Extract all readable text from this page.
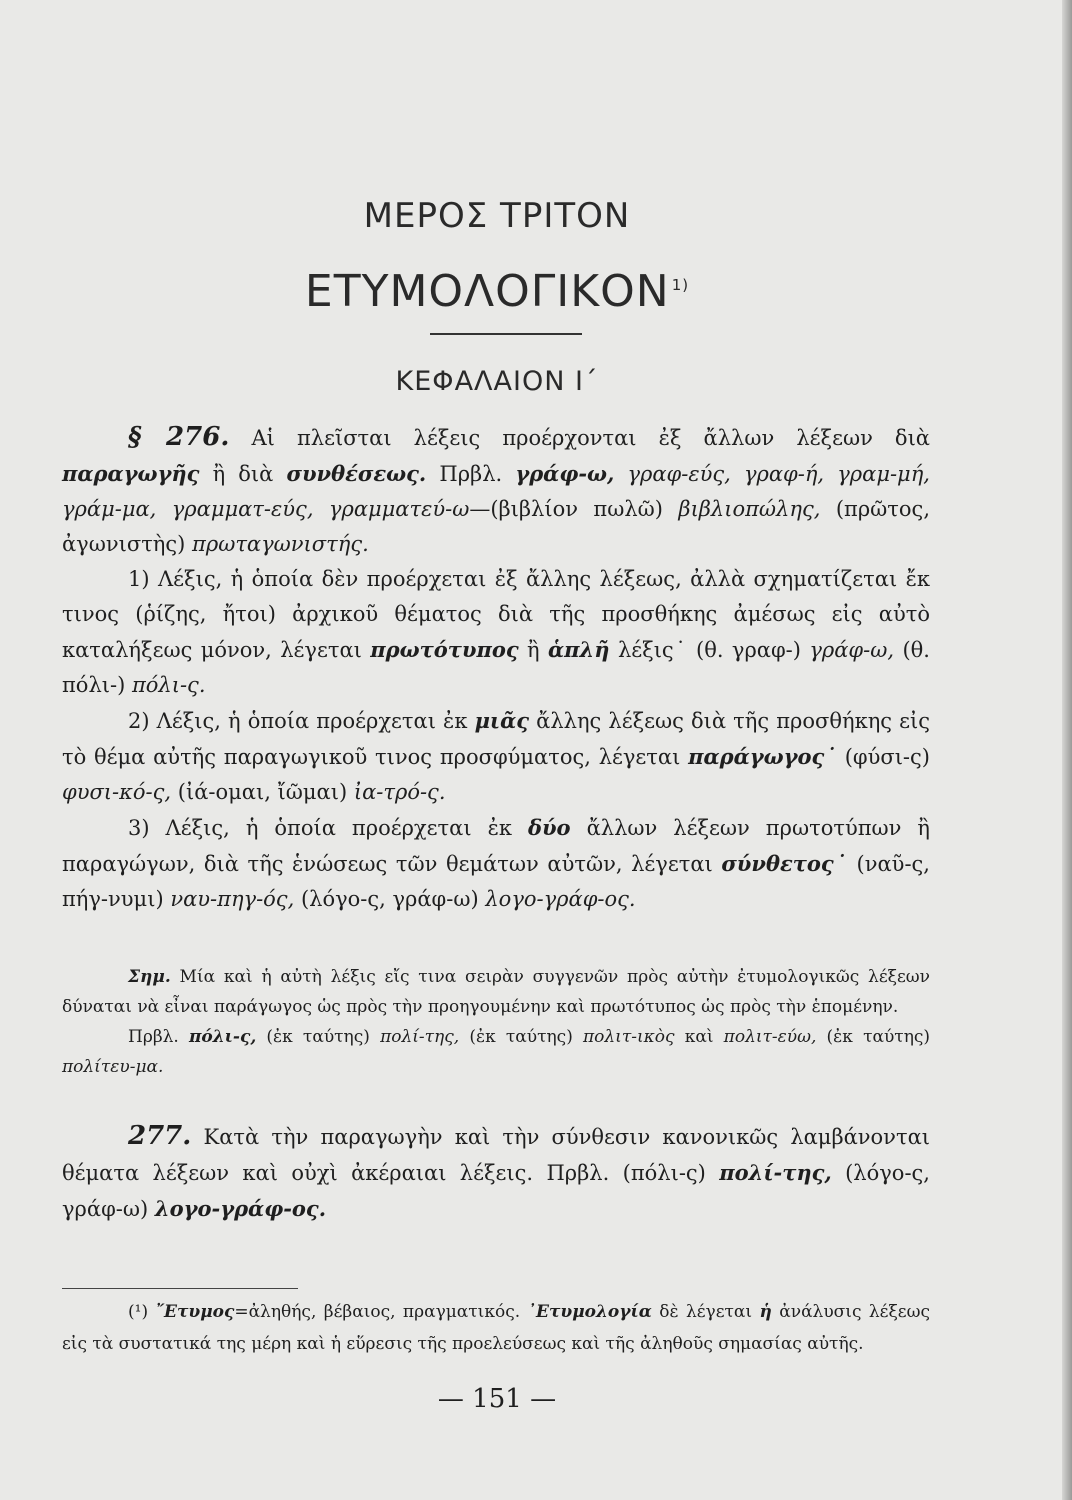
ΜΕΡΟΣ ΤΡΙΤΟΝ
ΕΤΥΜΟΛΟΓΙΚΟΝ $^{1)}$
ΚΕΦΑΛΑΙΟΝ Ι΄

§ 276. Αἱ πλεῖσται λέξεις προέρχονται ἐξ ἄλλων λέξεων διὰ παραγωγῆς ἢ διὰ συνθέσεως. Πρβλ. γράφ-ω, γραφ-εύς, γραφ-ή, γραμ-μή, γράμ-μα, γραμματ-εύς, γραμματεύ-ω—(βιβλίον πωλῶ) βιβλιοπώλης, (πρῶτος, ἀγωνιστὴς) πρωταγωνιστής.

1) Λέξις, ἡ ὁποία δὲν προέρχεται ἐξ ἄλλης λέξεως, ἀλλὰ σχηματίζεται ἔκ τινος (ῥίζης, ἤτοι) ἀρχικοῦ θέματος διὰ τῆς προσθήκης ἀμέσως εἰς αὐτὸ καταλήξεως μόνον, λέγεται πρωτότυπος ἢ ἁπλῆ λέξις˙ (θ. γραφ-) γράφ-ω, (θ. πόλι-) πόλι-ς.

2) Λέξις, ἡ ὁποία προέρχεται ἐκ μιᾶς ἄλλης λέξεως διὰ τῆς προσθήκης εἰς τὸ θέμα αὐτῆς παραγωγικοῦ τινος προσφύματος, λέγεται παράγωγος˙ (φύσι-ς) φυσι-κό-ς, (ἰά-ομαι, ἴῶμαι) ἰα-τρό-ς.

3) Λέξις, ἡ ὁποία προέρχεται ἐκ δύο ἄλλων λέξεων πρωτοτύπων ἢ παραγώγων, διὰ τῆς ἑνώσεως τῶν θεμάτων αὐτῶν, λέγεται σύνθετος˙ (ναῦ-ς, πήγ-νυμι) ναυ-πηγ-ός, (λόγο-ς, γράφ-ω) λογο-γράφ-ος.

Σημ. Μία καὶ ἡ αὐτὴ λέξις εἴς τινα σειρὰν συγγενῶν πρὸς αὐτὴν ἐτυμολογικῶς λέξεων δύναται νὰ εἶναι παράγωγος ὡς πρὸς τὴν προηγουμένην καὶ πρωτότυπος ὡς πρὸς τὴν ἑπομένην.

Πρβλ. πόλι-ς, (ἐκ ταύτης) πολί-της, (ἐκ ταύτης) πολιτ-ικὸς καὶ πολιτ-εύω, (ἐκ ταύτης) πολίτευ-μα.

277. Κατὰ τὴν παραγωγὴν καὶ τὴν σύνθεσιν κανονικῶς λαμβάνονται θέματα λέξεων καὶ οὐχὶ ἀκέραιαι λέξεις. Πρβλ. (πόλι-ς) πολί-της, (λόγο-ς, γράφ-ω) λογο-γράφ-ος.

(¹) ῎Ετυμος=ἀληθής, βέβαιος, πραγματικός. ᾿Ετυμολογία δὲ λέγεται ἡ ἀνάλυσις λέξεως εἰς τὰ συστατικά της μέρη καὶ ἡ εὕρεσις τῆς προελεύσεως καὶ τῆς ἀληθοῦς σημασίας αὐτῆς.

— 151 —
